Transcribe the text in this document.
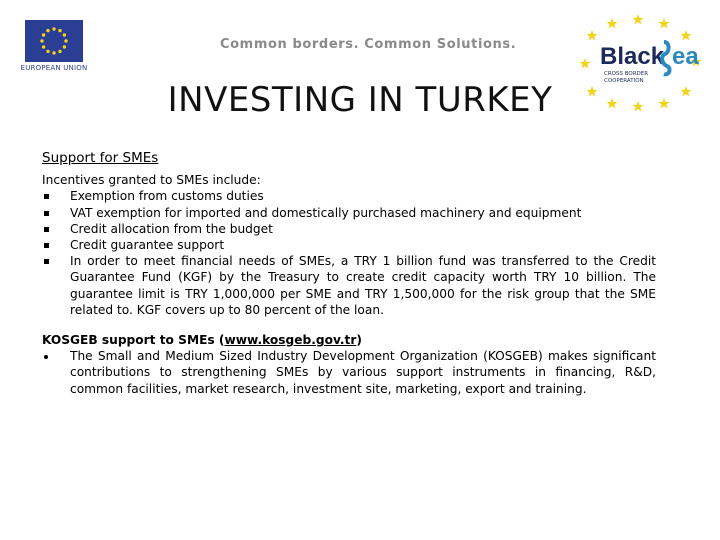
EUROPEAN UNION
Common borders. Common Solutions.	Black ea
CROSS BORDER
COOPERATION
INVESTING IN TURKEY
Support for SMEs

Incentives granted to SMEs include:

Exemption from customs duties
VAT exemption for imported and domestically purchased machinery and equipment
Credit allocation from the budget
Credit guarantee support
In order to meet financial needs of SMEs, a TRY 1 billion fund was transferred to the Credit Guarantee Fund (KGF) by the Treasury to create credit capacity worth TRY 10 billion. The guarantee limit is TRY 1,000,000 per SME and TRY 1,500,000 for the risk group that the SME related to. KGF covers up to 80 percent of the loan.
KOSGEB support to SMEs (www.kosgeb.gov.tr)
The Small and Medium Sized Industry Development Organization (KOSGEB) makes significant contributions to strengthening SMEs by various support instruments in financing, R&D, common facilities, market research, investment site, marketing, export and training.
